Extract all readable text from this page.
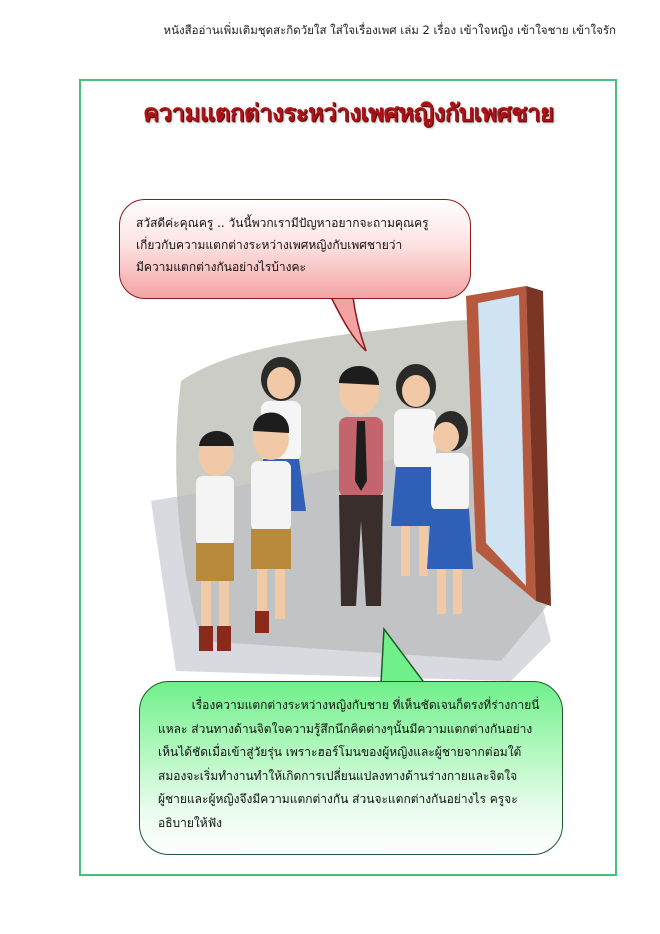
หนังสืออ่านเพิ่มเติมชุดสะกิดวัยใส ใส่ใจเรื่องเพศ เล่ม 2 เรื่อง เข้าใจหญิง เข้าใจชาย เข้าใจรัก
ความแตกต่างระหว่างเพศหญิงกับเพศชาย
สวัสดีค่ะคุณครู .. วันนี้พวกเรามีปัญหาอยากจะถามคุณครู
เกี่ยวกับความแตกต่างระหว่างเพศหญิงกับเพศชายว่า
มีความแตกต่างกันอย่างไรบ้างคะ

เรื่องความแตกต่างระหว่างหญิงกับชาย ที่เห็นชัดเจนก็ตรงที่ร่างกายนี่แหละ ส่วนทางด้านจิตใจความรู้สึกนึกคิดต่างๆนั้นมีความแตกต่างกันอย่างเห็นได้ชัดเมื่อเข้าสู่วัยรุ่น เพราะฮอร์โมนของผู้หญิงและผู้ชายจากต่อมใต้สมองจะเริ่มทำงานทำให้เกิดการเปลี่ยนแปลงทางด้านร่างกายและจิตใจ ผู้ชายและผู้หญิงจึงมีความแตกต่างกัน ส่วนจะแตกต่างกันอย่างไร ครูจะอธิบายให้ฟัง
